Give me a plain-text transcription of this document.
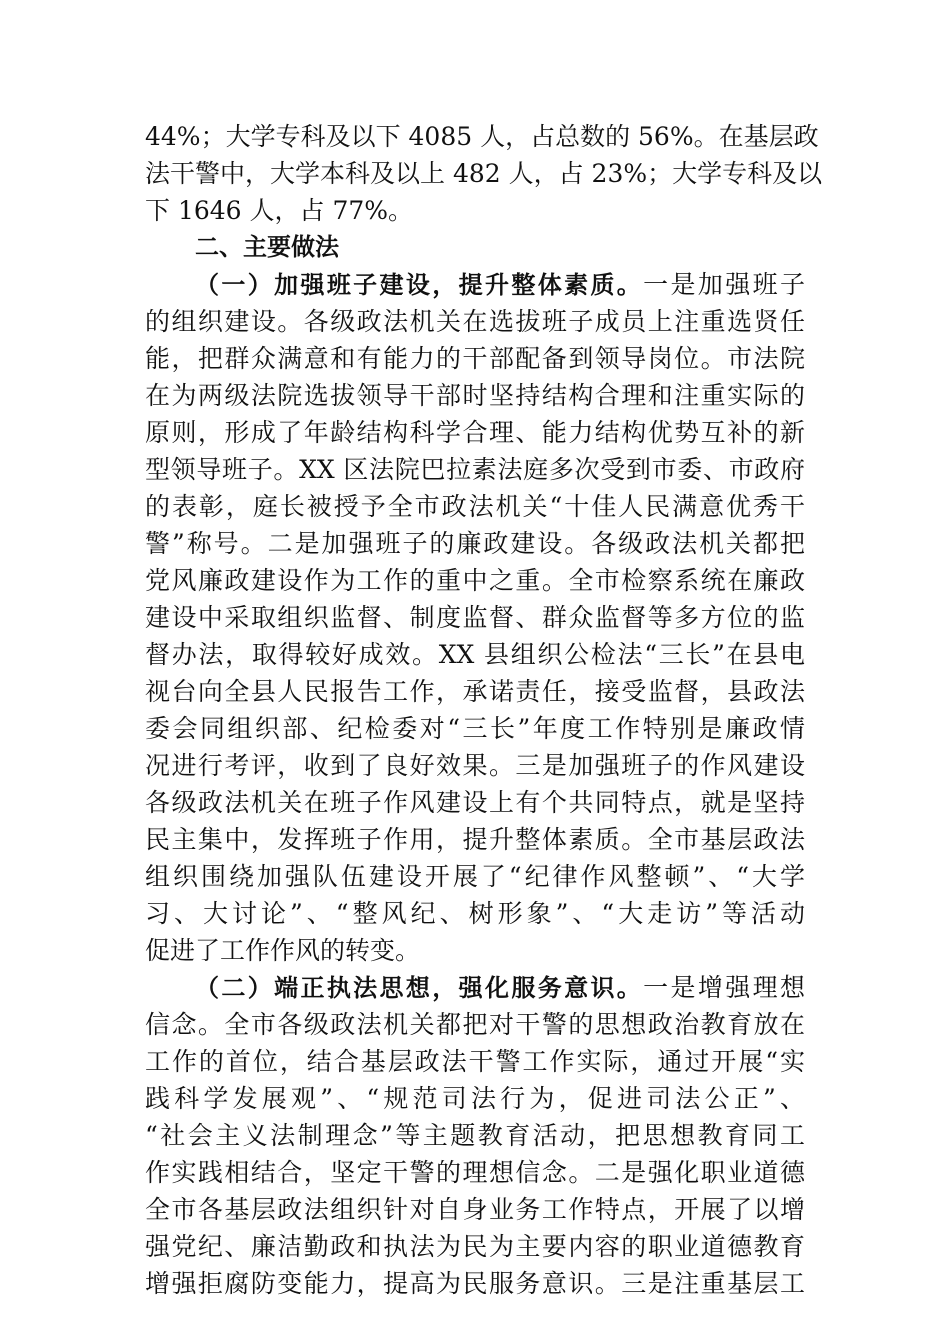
44%；大学专科及以下 4085 人，占总数的 56%。在基层政
法干警中，大学本科及以上 482 人，占 23%；大学专科及以
下 1646 人，占 77%。
二、主要做法
（一）加强班子建设，提升整体素质。一是加强班子
的组织建设。各级政法机关在选拔班子成员上注重选贤任
能，把群众满意和有能力的干部配备到领导岗位。市法院
在为两级法院选拔领导干部时坚持结构合理和注重实际的
原则，形成了年龄结构科学合理、能力结构优势互补的新
型领导班子。XX 区法院巴拉素法庭多次受到市委、市政府
的表彰，庭长被授予全市政法机关“十佳人民满意优秀干
警”称号。二是加强班子的廉政建设。各级政法机关都把
党风廉政建设作为工作的重中之重。全市检察系统在廉政
建设中采取组织监督、制度监督、群众监督等多方位的监
督办法，取得较好成效。XX 县组织公检法“三长”在县电
视台向全县人民报告工作，承诺责任，接受监督，县政法
委会同组织部、纪检委对“三长”年度工作特别是廉政情
况进行考评，收到了良好效果。三是加强班子的作风建设
各级政法机关在班子作风建设上有个共同特点，就是坚持
民主集中，发挥班子作用，提升整体素质。全市基层政法
组织围绕加强队伍建设开展了“纪律作风整顿”、“大学
习、大讨论”、“整风纪、树形象”、“大走访”等活动
促进了工作作风的转变。
（二）端正执法思想，强化服务意识。一是增强理想
信念。全市各级政法机关都把对干警的思想政治教育放在
工作的首位，结合基层政法干警工作实际，通过开展“实
践科学发展观”、“规范司法行为，促进司法公正”、
“社会主义法制理念”等主题教育活动，把思想教育同工
作实践相结合，坚定干警的理想信念。二是强化职业道德
全市各基层政法组织针对自身业务工作特点，开展了以增
强党纪、廉洁勤政和执法为民为主要内容的职业道德教育
增强拒腐防变能力，提高为民服务意识。三是注重基层工
